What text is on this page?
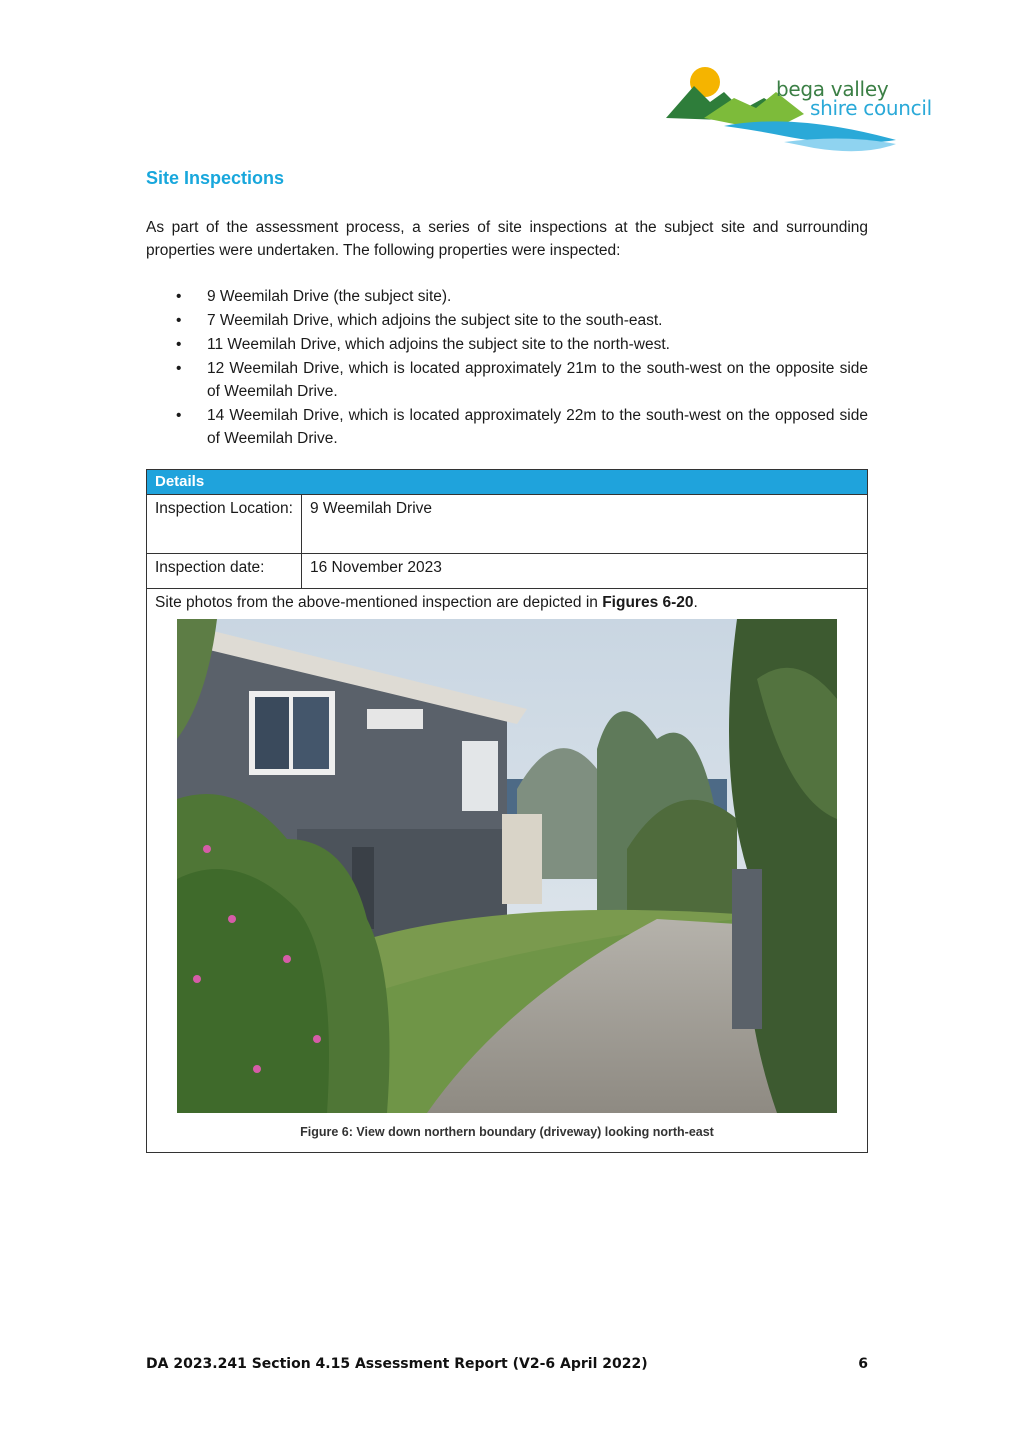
bega valley
shire council
Site Inspections
As part of the assessment process, a series of site inspections at the subject site and surrounding properties were undertaken. The following properties were inspected:
• 9 Weemilah Drive (the subject site).
• 7 Weemilah Drive, which adjoins the subject site to the south-east.
• 11 Weemilah Drive, which adjoins the subject site to the north-west.
• 12 Weemilah Drive, which is located approximately 21m to the south-west on the opposite side of Weemilah Drive.
• 14 Weemilah Drive, which is located approximately 22m to the south-west on the opposed side of Weemilah Drive.
Details
Inspection Location:	9 Weemilah Drive
Inspection date:	16 November 2023
Site photos from the above-mentioned inspection are depicted in Figures 6-20.
Figure 6: View down northern boundary (driveway) looking north-east
DA 2023.241 Section 4.15 Assessment Report (V2-6 April 2022)	6
